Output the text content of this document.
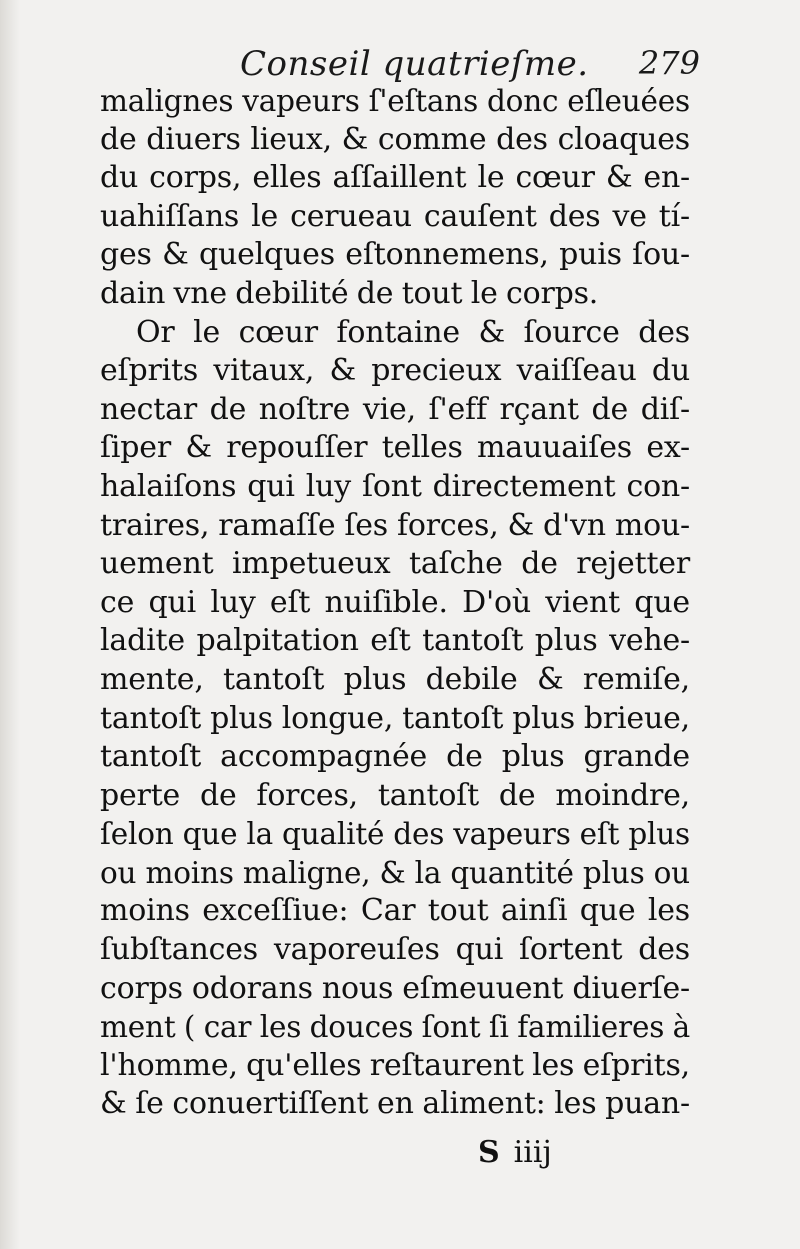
Conseil quatrieſme. 279
malignes vapeurs ſ'eſtans donc eſleuées
de diuers lieux, & comme des cloaques
du corps, elles aſſaillent le cœur & en-
uahiſſans le cerueau cauſent des ve tí-
ges & quelques eſtonnemens, puis ſou-
dain vne debilité de tout le corps.
Or le cœur fontaine & ſource des
eſprits vitaux, & precieux vaiſſeau du
nectar de noſtre vie, ſ'eff rçant de diſ-
ſiper & repouſſer telles mauuaiſes ex-
halaiſons qui luy ſont directement con-
traires, ramaſſe ſes forces, & d'vn mou-
uement impetueux taſche de rejetter
ce qui luy eſt nuiſible. D'où vient que
ladite palpitation eſt tantoſt plus vehe-
mente, tantoſt plus debile & remiſe,
tantoſt plus longue, tantoſt plus brieue,
tantoſt accompagnée de plus grande
perte de forces, tantoſt de moindre,
ſelon que la qualité des vapeurs eſt plus
ou moins maligne, & la quantité plus ou
moins exceſſiue: Car tout ainſi que les
ſubſtances vaporeuſes qui ſortent des
corps odorans nous eſmeuuent diuerſe-
ment ( car les douces ſont ſi familieres à
l'homme, qu'elles reſtaurent les eſprits,
& ſe conuertiſſent en aliment: les puan-
S iiij
